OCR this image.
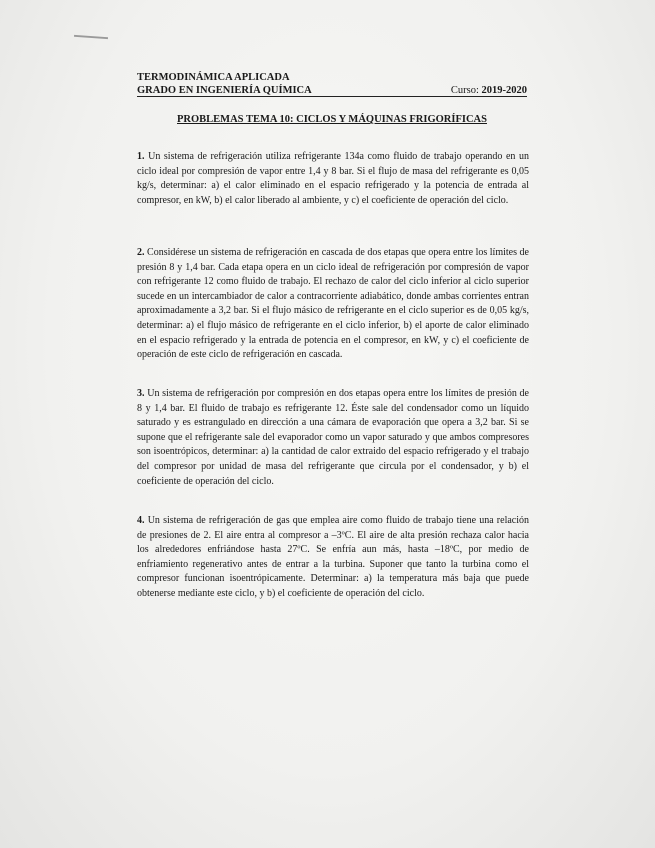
TERMODINÁMICA APLICADA
GRADO EN INGENIERÍA QUÍMICA	Curso: 2019-2020
PROBLEMAS TEMA 10: CICLOS Y MÁQUINAS FRIGORÍFICAS
1. Un sistema de refrigeración utiliza refrigerante 134a como fluido de trabajo operando en un ciclo ideal por compresión de vapor entre 1,4 y 8 bar. Si el flujo de masa del refrigerante es 0,05 kg/s, determinar: a) el calor eliminado en el espacio refrigerado y la potencia de entrada al compresor, en kW, b) el calor liberado al ambiente, y c) el coeficiente de operación del ciclo.
2. Considérese un sistema de refrigeración en cascada de dos etapas que opera entre los límites de presión 8 y 1,4 bar. Cada etapa opera en un ciclo ideal de refrigeración por compresión de vapor con refrigerante 12 como fluido de trabajo. El rechazo de calor del ciclo inferior al ciclo superior sucede en un intercambiador de calor a contracorriente adiabático, donde ambas corrientes entran aproximadamente a 3,2 bar. Si el flujo másico de refrigerante en el ciclo superior es de 0,05 kg/s, determinar: a) el flujo másico de refrigerante en el ciclo inferior, b) el aporte de calor eliminado en el espacio refrigerado y la entrada de potencia en el compresor, en kW, y c) el coeficiente de operación de este ciclo de refrigeración en cascada.
3. Un sistema de refrigeración por compresión en dos etapas opera entre los límites de presión de 8 y 1,4 bar. El fluido de trabajo es refrigerante 12. Éste sale del condensador como un líquido saturado y es estrangulado en dirección a una cámara de evaporación que opera a 3,2 bar. Si se supone que el refrigerante sale del evaporador como un vapor saturado y que ambos compresores son isoentrópicos, determinar: a) la cantidad de calor extraido del espacio refrigerado y el trabajo del compresor por unidad de masa del refrigerante que circula por el condensador, y b) el coeficiente de operación del ciclo.
4. Un sistema de refrigeración de gas que emplea aire como fluido de trabajo tiene una relación de presiones de 2. El aire entra al compresor a –3ºC. El aire de alta presión rechaza calor hacia los alrededores enfriándose hasta 27ºC. Se enfría aun más, hasta –18ºC, por medio de enfriamiento regenerativo antes de entrar a la turbina. Suponer que tanto la turbina como el compresor funcionan isoentrópicamente. Determinar: a) la temperatura más baja que puede obtenerse mediante este ciclo, y b) el coeficiente de operación del ciclo.
